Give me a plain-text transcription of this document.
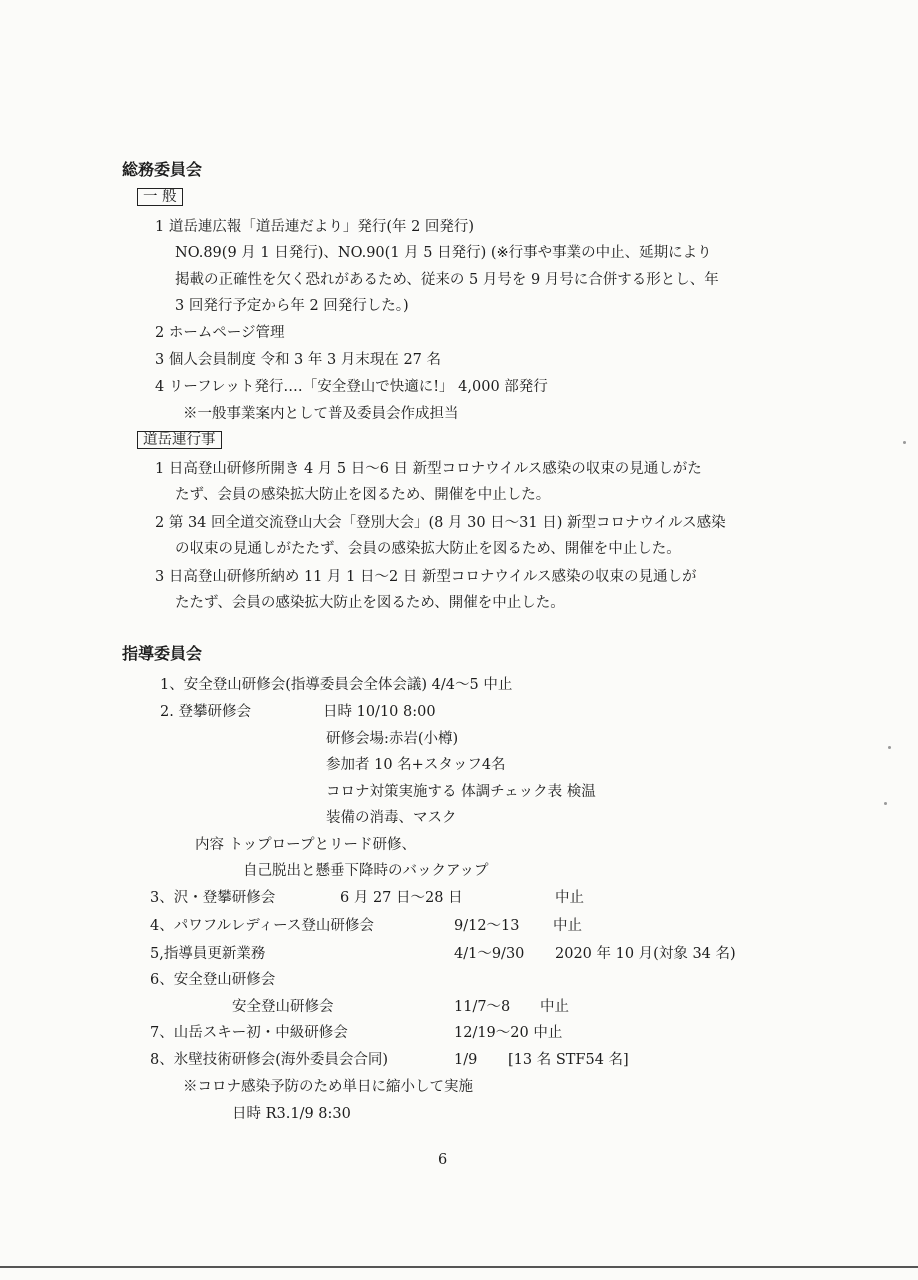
総務委員会
一 般
1 道岳連広報「道岳連だより」発行(年 2 回発行)
NO.89(9 月 1 日発行)、NO.90(1 月 5 日発行) (※行事や事業の中止、延期により
掲載の正確性を欠く恐れがあるため、従来の 5 月号を 9 月号に合併する形とし、年
3 回発行予定から年 2 回発行した。)
2 ホームページ管理
3 個人会員制度 令和 3 年 3 月末現在 27 名
4 リーフレット発行‥‥「安全登山で快適に!」 4,000 部発行
※一般事業案内として普及委員会作成担当
道岳連行事
1 日高登山研修所開き 4 月 5 日〜6 日 新型コロナウイルス感染の収束の見通しがた
たず、会員の感染拡大防止を図るため、開催を中止した。
2 第 34 回全道交流登山大会「登別大会」(8 月 30 日〜31 日) 新型コロナウイルス感染
の収束の見通しがたたず、会員の感染拡大防止を図るため、開催を中止した。
3 日高登山研修所納め 11 月 1 日〜2 日 新型コロナウイルス感染の収束の見通しが
たたず、会員の感染拡大防止を図るため、開催を中止した。
指導委員会
1、安全登山研修会(指導委員会全体会議) 4/4〜5 中止
2. 登攀研修会	日時 10/10 8:00
研修会場:赤岩(小樽)
参加者 10 名+スタッフ4名
コロナ対策実施する 体調チェック表 検温
装備の消毒、マスク
内容 トップロープとリード研修、
自己脱出と懸垂下降時のバックアップ
3、沢・登攀研修会	6 月 27 日〜28 日	中止
4、パワフルレディース登山研修会	9/12〜13 中止
5,指導員更新業務	4/1〜9/30 2020 年 10 月(対象 34 名)
6、安全登山研修会
安全登山研修会	11/7〜8 中止
7、山岳スキー初・中級研修会	12/19〜20 中止
8、氷壁技術研修会(海外委員会合同)	1/9 [13 名 STF54 名]
※コロナ感染予防のため単日に縮小して実施
日時 R3.1/9 8:30
6
